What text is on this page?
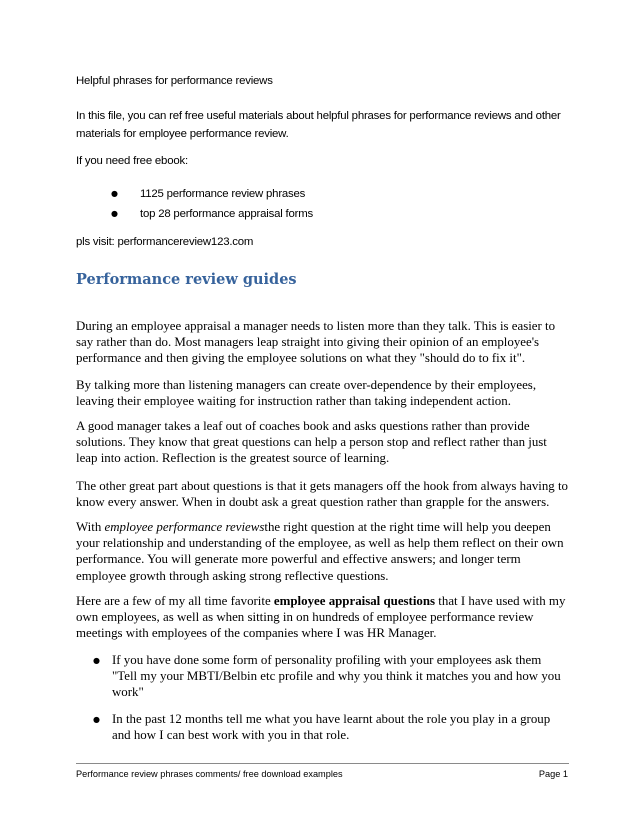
Helpful phrases for performance reviews

In this file, you can ref free useful materials about helpful phrases for performance reviews and other materials for employee performance review.

If you need free ebook:

● 1125 performance review phrases
● top 28 performance appraisal forms

pls visit: performancereview123.com

Performance review guides

During an employee appraisal a manager needs to listen more than they talk. This is easier to say rather than do. Most managers leap straight into giving their opinion of an employee's performance and then giving the employee solutions on what they "should do to fix it".

By talking more than listening managers can create over-dependence by their employees, leaving their employee waiting for instruction rather than taking independent action.

A good manager takes a leaf out of coaches book and asks questions rather than provide solutions. They know that great questions can help a person stop and reflect rather than just leap into action. Reflection is the greatest source of learning.

The other great part about questions is that it gets managers off the hook from always having to know every answer. When in doubt ask a great question rather than grapple for the answers.

With employee performance reviewsthe right question at the right time will help you deepen your relationship and understanding of the employee, as well as help them reflect on their own performance. You will generate more powerful and effective answers; and longer term employee growth through asking strong reflective questions.

Here are a few of my all time favorite employee appraisal questions that I have used with my own employees, as well as when sitting in on hundreds of employee performance review meetings with employees of the companies where I was HR Manager.

● If you have done some form of personality profiling with your employees ask them "Tell my your MBTI/Belbin etc profile and why you think it matches you and how you work"
● In the past 12 months tell me what you have learnt about the role you play in a group and how I can best work with you in that role.
Performance review phrases comments/ free download examples	Page 1
